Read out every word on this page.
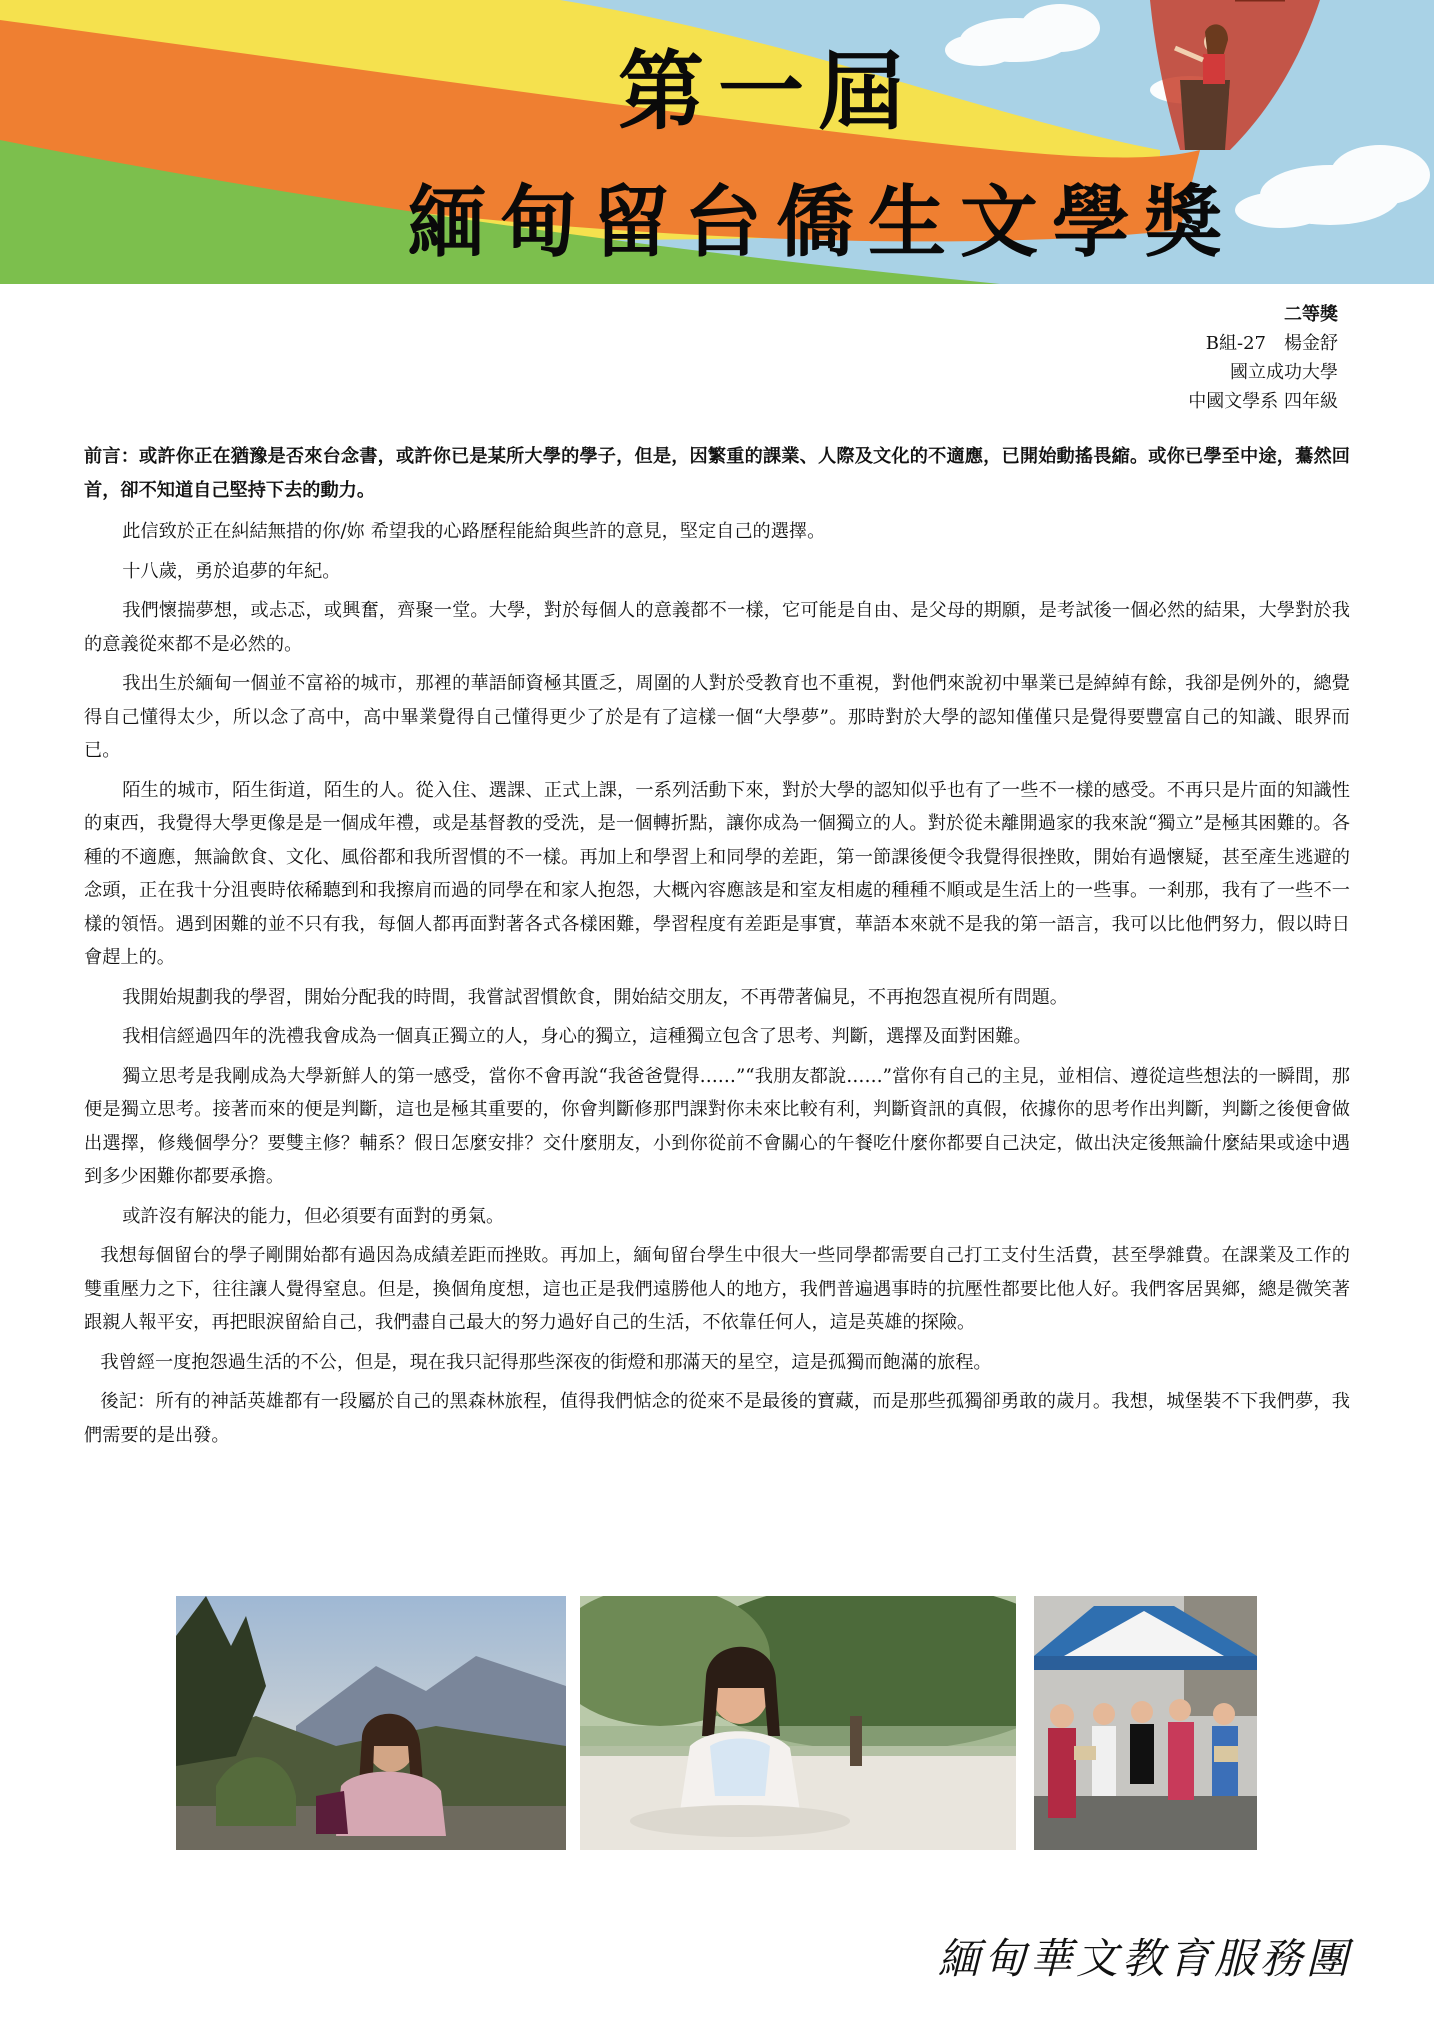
第一屆
緬甸留台僑生文學獎
二等獎
B組-27　楊金舒
國立成功大學
中國文學系 四年級

前言：或許你正在猶豫是否來台念書，或許你已是某所大學的學子，但是，因繁重的課業、人際及文化的不適應，已開始動搖畏縮。或你已學至中途，驀然回首，卻不知道自己堅持下去的動力。

此信致於正在糾結無措的你/妳 希望我的心路歷程能給與些許的意見，堅定自己的選擇。

十八歲，勇於追夢的年紀。

我們懷揣夢想，或忐忑，或興奮，齊聚一堂。大學，對於每個人的意義都不一樣，它可能是自由、是父母的期願，是考試後一個必然的結果，大學對於我的意義從來都不是必然的。

我出生於緬甸一個並不富裕的城市，那裡的華語師資極其匱乏，周圍的人對於受教育也不重視，對他們來說初中畢業已是綽綽有餘，我卻是例外的，總覺得自己懂得太少，所以念了高中，高中畢業覺得自己懂得更少了於是有了這樣一個“大學夢”。那時對於大學的認知僅僅只是覺得要豐富自己的知識、眼界而已。

陌生的城市，陌生街道，陌生的人。從入住、選課、正式上課，一系列活動下來，對於大學的認知似乎也有了一些不一樣的感受。不再只是片面的知識性的東西，我覺得大學更像是是一個成年禮，或是基督教的受洗，是一個轉折點，讓你成為一個獨立的人。對於從未離開過家的我來說“獨立”是極其困難的。各種的不適應，無論飲食、文化、風俗都和我所習慣的不一樣。再加上和學習上和同學的差距，第一節課後便令我覺得很挫敗，開始有過懷疑，甚至產生逃避的念頭，正在我十分沮喪時依稀聽到和我擦肩而過的同學在和家人抱怨，大概內容應該是和室友相處的種種不順或是生活上的一些事。一剎那，我有了一些不一樣的領悟。遇到困難的並不只有我，每個人都再面對著各式各樣困難，學習程度有差距是事實，華語本來就不是我的第一語言，我可以比他們努力，假以時日會趕上的。

我開始規劃我的學習，開始分配我的時間，我嘗試習慣飲食，開始結交朋友，不再帶著偏見，不再抱怨直視所有問題。

我相信經過四年的洗禮我會成為一個真正獨立的人，身心的獨立，這種獨立包含了思考、判斷，選擇及面對困難。

獨立思考是我剛成為大學新鮮人的第一感受，當你不會再說“我爸爸覺得……”“我朋友都說……”當你有自己的主見，並相信、遵從這些想法的一瞬間，那便是獨立思考。接著而來的便是判斷，這也是極其重要的，你會判斷修那門課對你未來比較有利，判斷資訊的真假，依據你的思考作出判斷，判斷之後便會做出選擇，修幾個學分？要雙主修？輔系？假日怎麼安排？交什麼朋友，小到你從前不會關心的午餐吃什麼你都要自己決定，做出決定後無論什麼結果或途中遇到多少困難你都要承擔。

或許沒有解決的能力，但必須要有面對的勇氣。

我想每個留台的學子剛開始都有過因為成績差距而挫敗。再加上，緬甸留台學生中很大一些同學都需要自己打工支付生活費，甚至學雜費。在課業及工作的雙重壓力之下，往往讓人覺得窒息。但是，換個角度想，這也正是我們遠勝他人的地方，我們普遍遇事時的抗壓性都要比他人好。我們客居異鄉，總是微笑著跟親人報平安，再把眼淚留給自己，我們盡自己最大的努力過好自己的生活，不依靠任何人，這是英雄的探險。

我曾經一度抱怨過生活的不公，但是，現在我只記得那些深夜的街燈和那滿天的星空，這是孤獨而飽滿的旅程。

後記：所有的神話英雄都有一段屬於自己的黑森林旅程，值得我們惦念的從來不是最後的寶藏，而是那些孤獨卻勇敢的歲月。我想，城堡裝不下我們夢，我們需要的是出發。

緬甸華文教育服務團
